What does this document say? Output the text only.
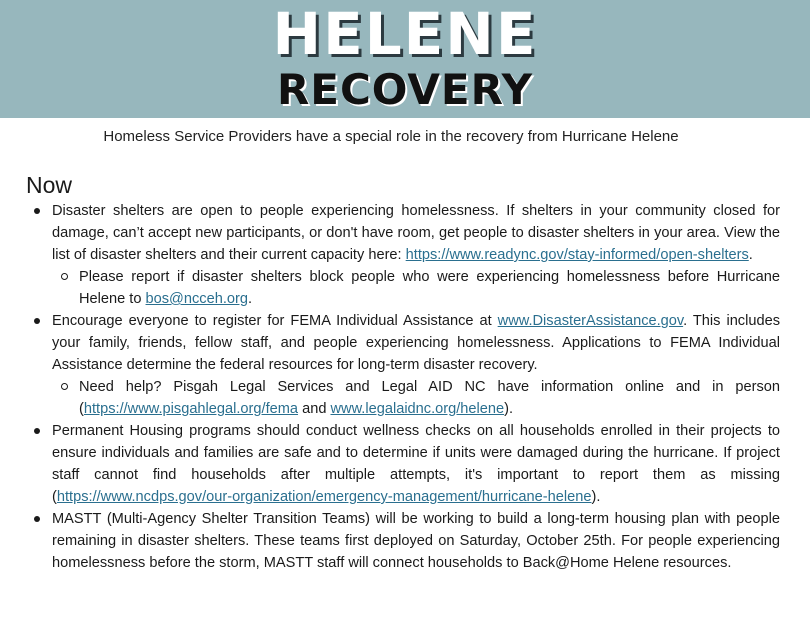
HELENE
RECOVERY
Homeless Service Providers have a special role in the recovery from Hurricane Helene
Now
Disaster shelters are open to people experiencing homelessness. If shelters in your community closed for damage, can’t accept new participants, or don't have room, get people to disaster shelters in your area. View the list of disaster shelters and their current capacity here: https://www.readync.gov/stay-informed/open-shelters.
Please report if disaster shelters block people who were experiencing homelessness before Hurricane Helene to bos@ncceh.org.
Encourage everyone to register for FEMA Individual Assistance at www.DisasterAssistance.gov. This includes your family, friends, fellow staff, and people experiencing homelessness. Applications to FEMA Individual Assistance determine the federal resources for long-term disaster recovery.
Need help? Pisgah Legal Services and Legal AID NC have information online and in person (https://www.pisgahlegal.org/fema and www.legalaidnc.org/helene).
Permanent Housing programs should conduct wellness checks on all households enrolled in their projects to ensure individuals and families are safe and to determine if units were damaged during the hurricane. If project staff cannot find households after multiple attempts, it's important to report them as missing (https://www.ncdps.gov/our-organization/emergency-management/hurricane-helene).
MASTT (Multi-Agency Shelter Transition Teams) will be working to build a long-term housing plan with people remaining in disaster shelters. These teams first deployed on Saturday, October 25th. For people experiencing homelessness before the storm, MASTT staff will connect households to Back@Home Helene resources.
